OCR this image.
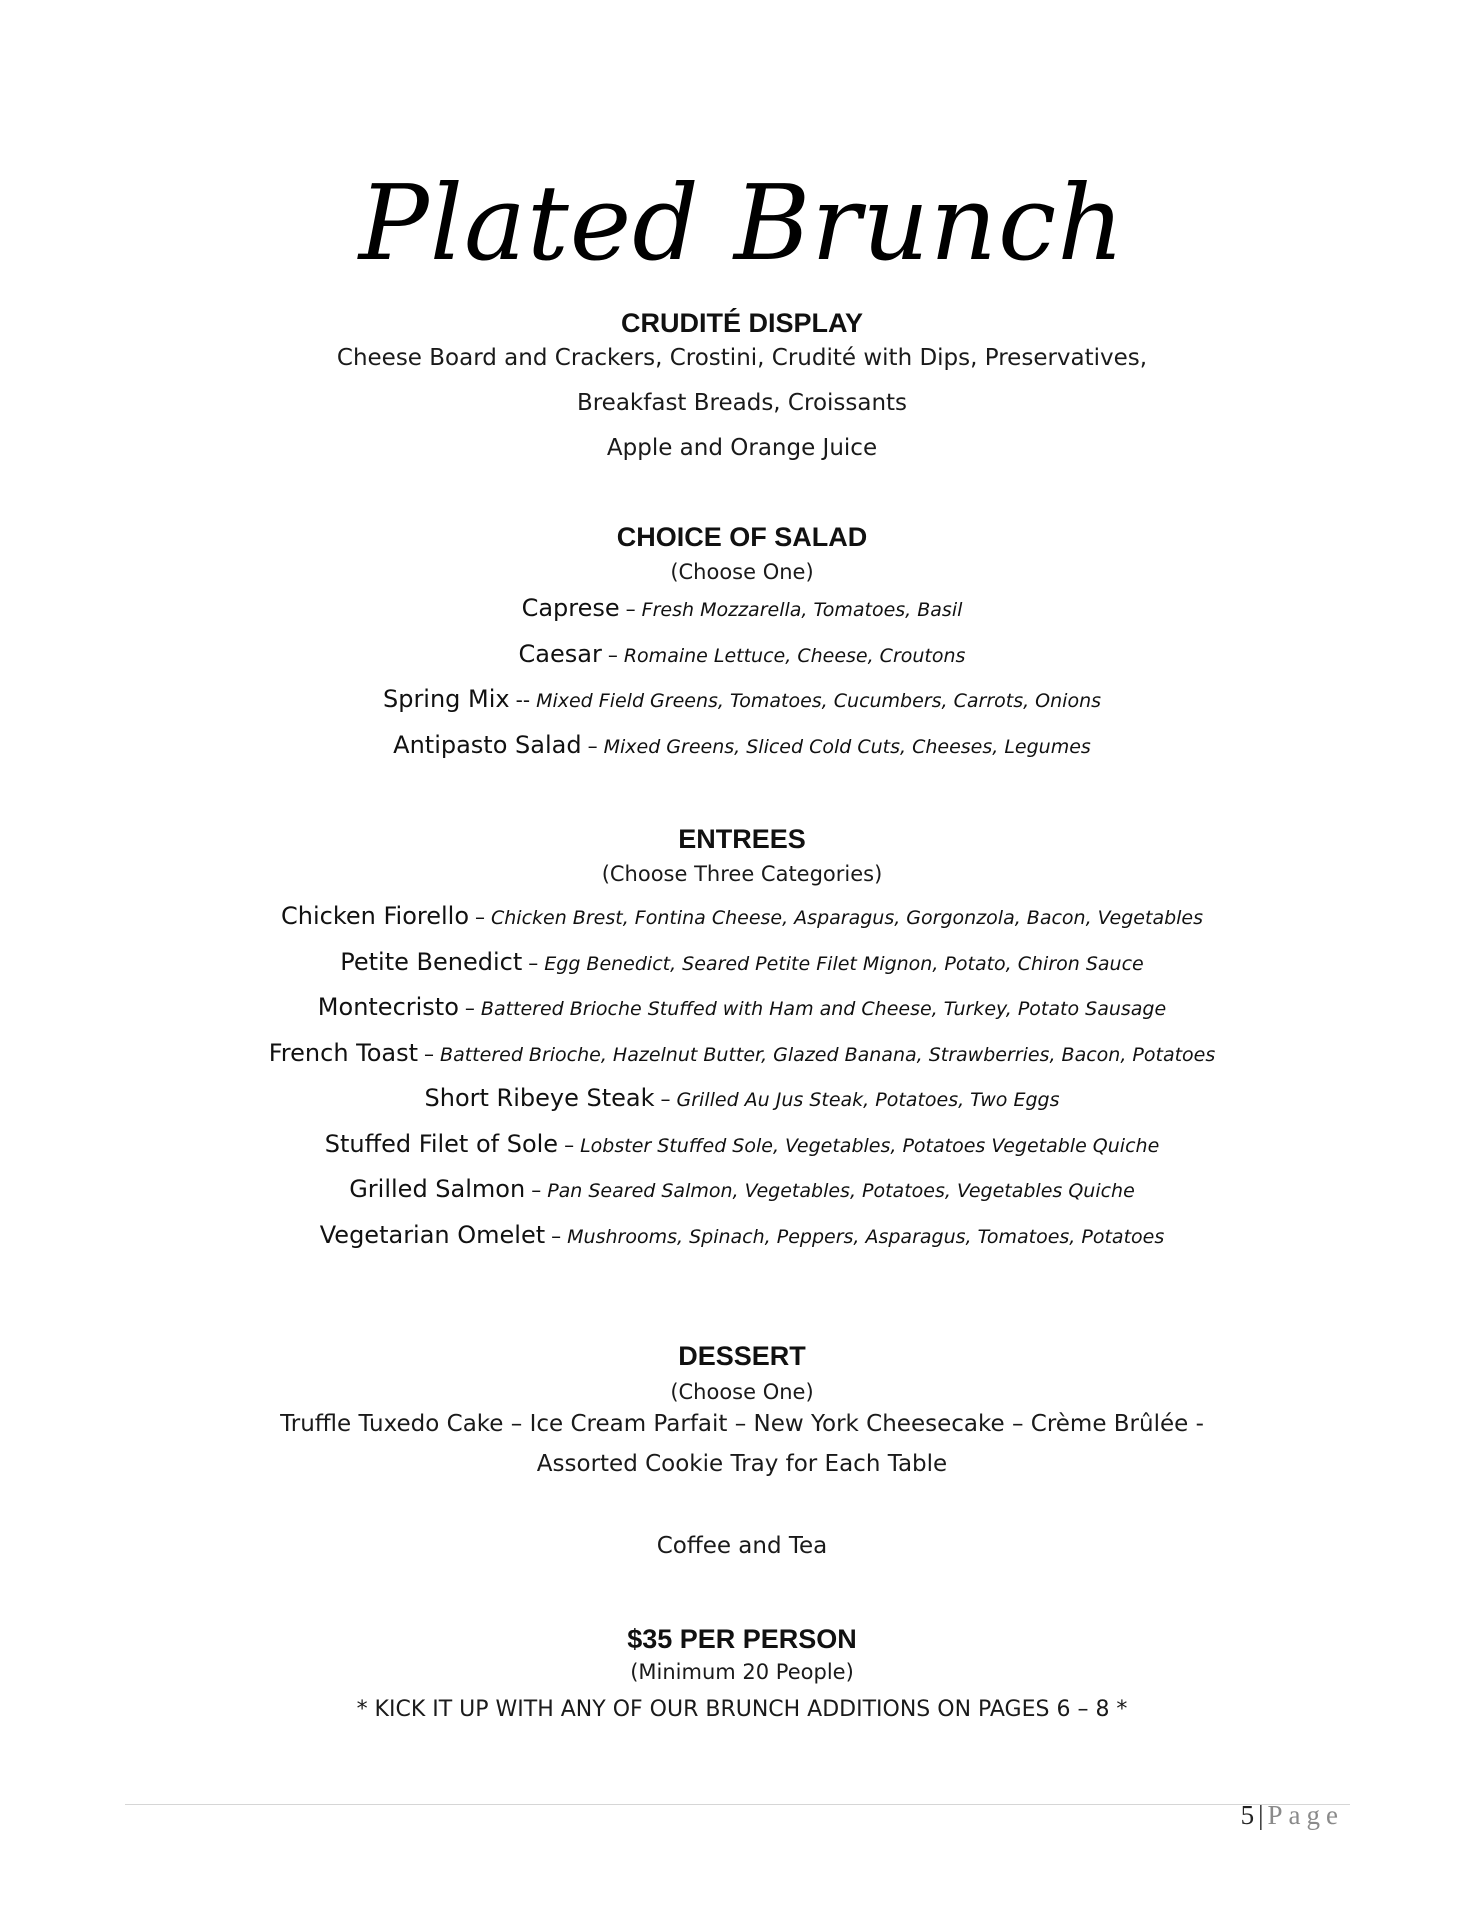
Plated Brunch
CRUDITÉ DISPLAY
Cheese Board and Crackers, Crostini, Crudité with Dips, Preservatives,
Breakfast Breads, Croissants
Apple and Orange Juice
CHOICE OF SALAD
(Choose One)
Caprese – Fresh Mozzarella, Tomatoes, Basil
Caesar – Romaine Lettuce, Cheese, Croutons
Spring Mix -- Mixed Field Greens, Tomatoes, Cucumbers, Carrots, Onions
Antipasto Salad – Mixed Greens, Sliced Cold Cuts, Cheeses, Legumes
ENTREES
(Choose Three Categories)
Chicken Fiorello – Chicken Brest, Fontina Cheese, Asparagus, Gorgonzola, Bacon, Vegetables
Petite Benedict – Egg Benedict, Seared Petite Filet Mignon, Potato, Chiron Sauce
Montecristo – Battered Brioche Stuffed with Ham and Cheese, Turkey, Potato Sausage
French Toast – Battered Brioche, Hazelnut Butter, Glazed Banana, Strawberries, Bacon, Potatoes
Short Ribeye Steak – Grilled Au Jus Steak, Potatoes, Two Eggs
Stuffed Filet of Sole – Lobster Stuffed Sole, Vegetables, Potatoes Vegetable Quiche
Grilled Salmon – Pan Seared Salmon, Vegetables, Potatoes, Vegetables Quiche
Vegetarian Omelet – Mushrooms, Spinach, Peppers, Asparagus, Tomatoes, Potatoes
DESSERT
(Choose One)
Truffle Tuxedo Cake – Ice Cream Parfait – New York Cheesecake – Crème Brûlée -
Assorted Cookie Tray for Each Table
Coffee and Tea
$35 PER PERSON
(Minimum 20 People)
* KICK IT UP WITH ANY OF OUR BRUNCH ADDITIONS ON PAGES 6 – 8 *
5 | Page
